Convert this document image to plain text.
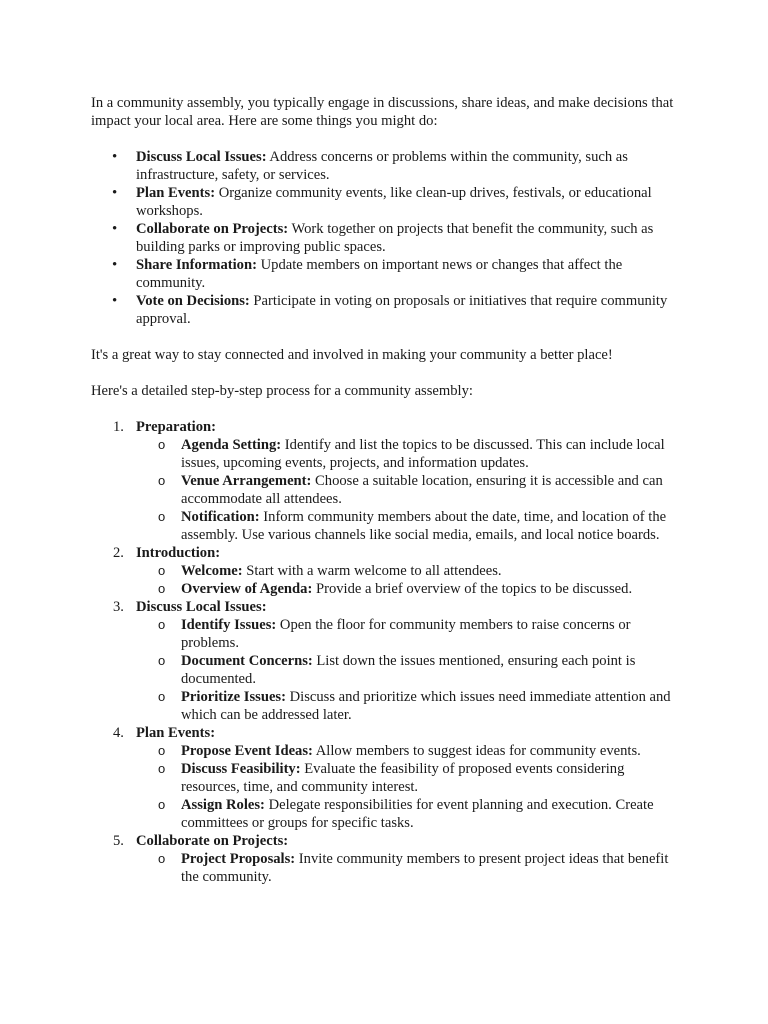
In a community assembly, you typically engage in discussions, share ideas, and make decisions that impact your local area. Here are some things you might do:

• Discuss Local Issues: Address concerns or problems within the community, such as infrastructure, safety, or services.
• Plan Events: Organize community events, like clean-up drives, festivals, or educational workshops.
• Collaborate on Projects: Work together on projects that benefit the community, such as building parks or improving public spaces.
• Share Information: Update members on important news or changes that affect the community.
• Vote on Decisions: Participate in voting on proposals or initiatives that require community approval.

It's a great way to stay connected and involved in making your community a better place!

Here's a detailed step-by-step process for a community assembly:

1. Preparation:
o Agenda Setting: Identify and list the topics to be discussed. This can include local issues, upcoming events, projects, and information updates.
o Venue Arrangement: Choose a suitable location, ensuring it is accessible and can accommodate all attendees.
o Notification: Inform community members about the date, time, and location of the assembly. Use various channels like social media, emails, and local notice boards.
2. Introduction:
o Welcome: Start with a warm welcome to all attendees.
o Overview of Agenda: Provide a brief overview of the topics to be discussed.
3. Discuss Local Issues:
o Identify Issues: Open the floor for community members to raise concerns or problems.
o Document Concerns: List down the issues mentioned, ensuring each point is documented.
o Prioritize Issues: Discuss and prioritize which issues need immediate attention and which can be addressed later.
4. Plan Events:
o Propose Event Ideas: Allow members to suggest ideas for community events.
o Discuss Feasibility: Evaluate the feasibility of proposed events considering resources, time, and community interest.
o Assign Roles: Delegate responsibilities for event planning and execution. Create committees or groups for specific tasks.
5. Collaborate on Projects:
o Project Proposals: Invite community members to present project ideas that benefit the community.
